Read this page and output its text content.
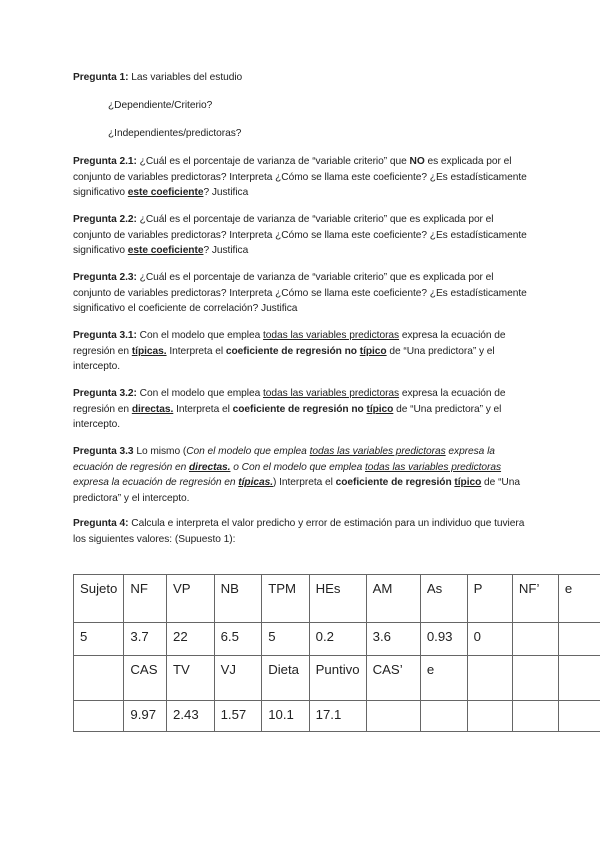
Pregunta 1: Las variables del estudio
¿Dependiente/Criterio?
¿Independientes/predictoras?
Pregunta 2.1: ¿Cuál es el porcentaje de varianza de “variable criterio” que NO es explicada por el conjunto de variables predictoras? Interpreta ¿Cómo se llama este coeficiente? ¿Es estadísticamente significativo este coeficiente? Justifica
Pregunta 2.2: ¿Cuál es el porcentaje de varianza de “variable criterio” que es explicada por el conjunto de variables predictoras? Interpreta ¿Cómo se llama este coeficiente? ¿Es estadísticamente significativo este coeficiente? Justifica
Pregunta 2.3: ¿Cuál es el porcentaje de varianza de “variable criterio” que es explicada por el conjunto de variables predictoras? Interpreta ¿Cómo se llama este coeficiente? ¿Es estadísticamente significativo el coeficiente de correlación? Justifica
Pregunta 3.1: Con el modelo que emplea todas las variables predictoras expresa la ecuación de regresión en típicas. Interpreta el coeficiente de regresión no típico de “Una predictora” y el intercepto.
Pregunta 3.2: Con el modelo que emplea todas las variables predictoras expresa la ecuación de regresión en directas. Interpreta el coeficiente de regresión no típico de “Una predictora” y el intercepto.
Pregunta 3.3 Lo mismo (Con el modelo que emplea todas las variables predictoras expresa la ecuación de regresión en directas. o Con el modelo que emplea todas las variables predictoras expresa la ecuación de regresión en típicas.) Interpreta el coeficiente de regresión típico de “Una predictora” y el intercepto.
Pregunta 4: Calcula e interpreta el valor predicho y error de estimación para un individuo que tuviera los siguientes valores: (Supuesto 1):
Sujeto	NF	VP	NB	TPM	HEs	AM	As	P	NF’	e
5	3.7	22	6.5	5	0.2	3.6	0.93	0		
	CAS	TV	VJ	Dieta	Puntivo	CAS’	e			
	9.97	2.43	1.57	10.1	17.1					
